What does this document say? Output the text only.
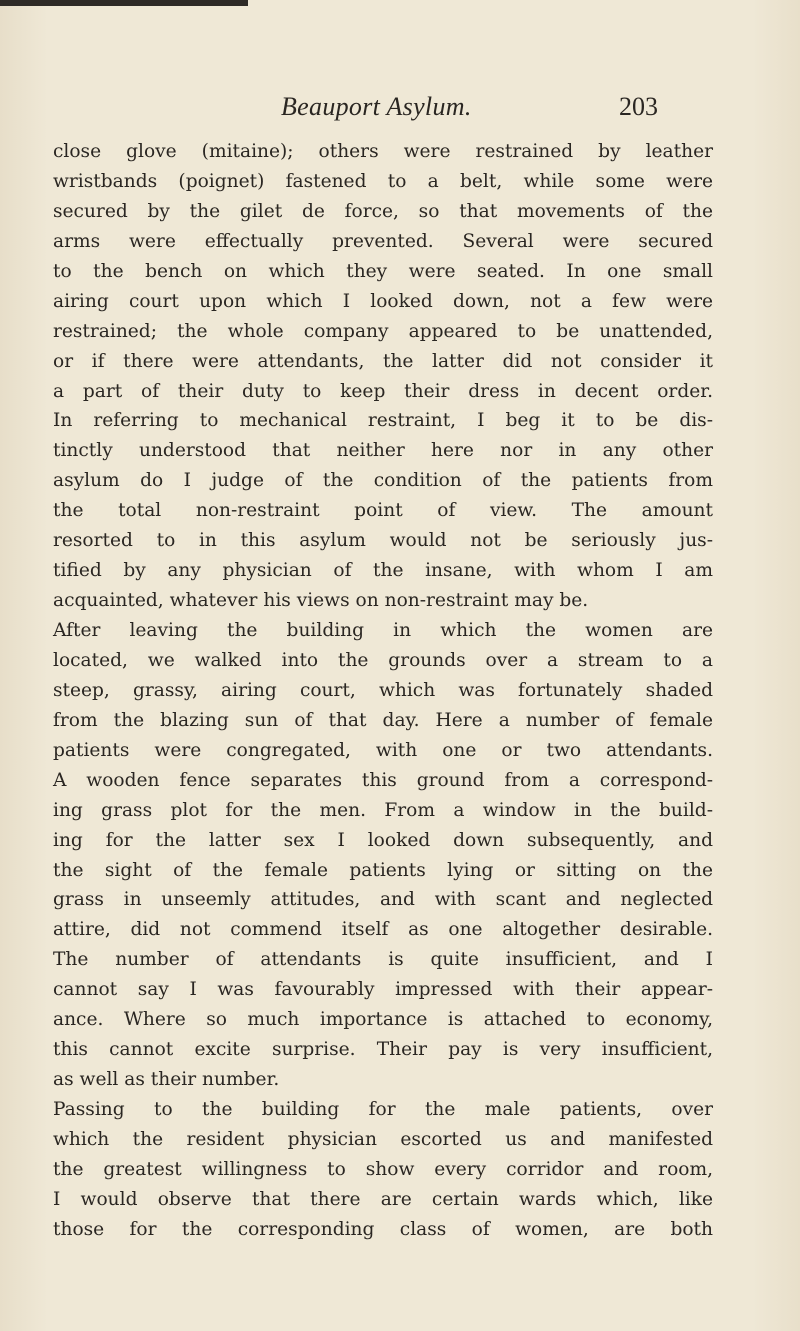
Beauport Asylum.	203
close glove (mitaine); others were restrained by leather
wristbands (poignet) fastened to a belt, while some were
secured by the gilet de force, so that movements of the
arms were effectually prevented. Several were secured
to the bench on which they were seated. In one small
airing court upon which I looked down, not a few were
restrained; the whole company appeared to be unattended,
or if there were attendants, the latter did not consider it
a part of their duty to keep their dress in decent order.
In referring to mechanical restraint, I beg it to be dis-
tinctly understood that neither here nor in any other
asylum do I judge of the condition of the patients from
the total non-restraint point of view. The amount
resorted to in this asylum would not be seriously jus-
tified by any physician of the insane, with whom I am
acquainted, whatever his views on non-restraint may be.
After leaving the building in which the women are
located, we walked into the grounds over a stream to a
steep, grassy, airing court, which was fortunately shaded
from the blazing sun of that day. Here a number of female
patients were congregated, with one or two attendants.
A wooden fence separates this ground from a correspond-
ing grass plot for the men. From a window in the build-
ing for the latter sex I looked down subsequently, and
the sight of the female patients lying or sitting on the
grass in unseemly attitudes, and with scant and neglected
attire, did not commend itself as one altogether desirable.
The number of attendants is quite insufficient, and I
cannot say I was favourably impressed with their appear-
ance. Where so much importance is attached to economy,
this cannot excite surprise. Their pay is very insufficient,
as well as their number.
Passing to the building for the male patients, over
which the resident physician escorted us and manifested
the greatest willingness to show every corridor and room,
I would observe that there are certain wards which, like
those for the corresponding class of women, are both
